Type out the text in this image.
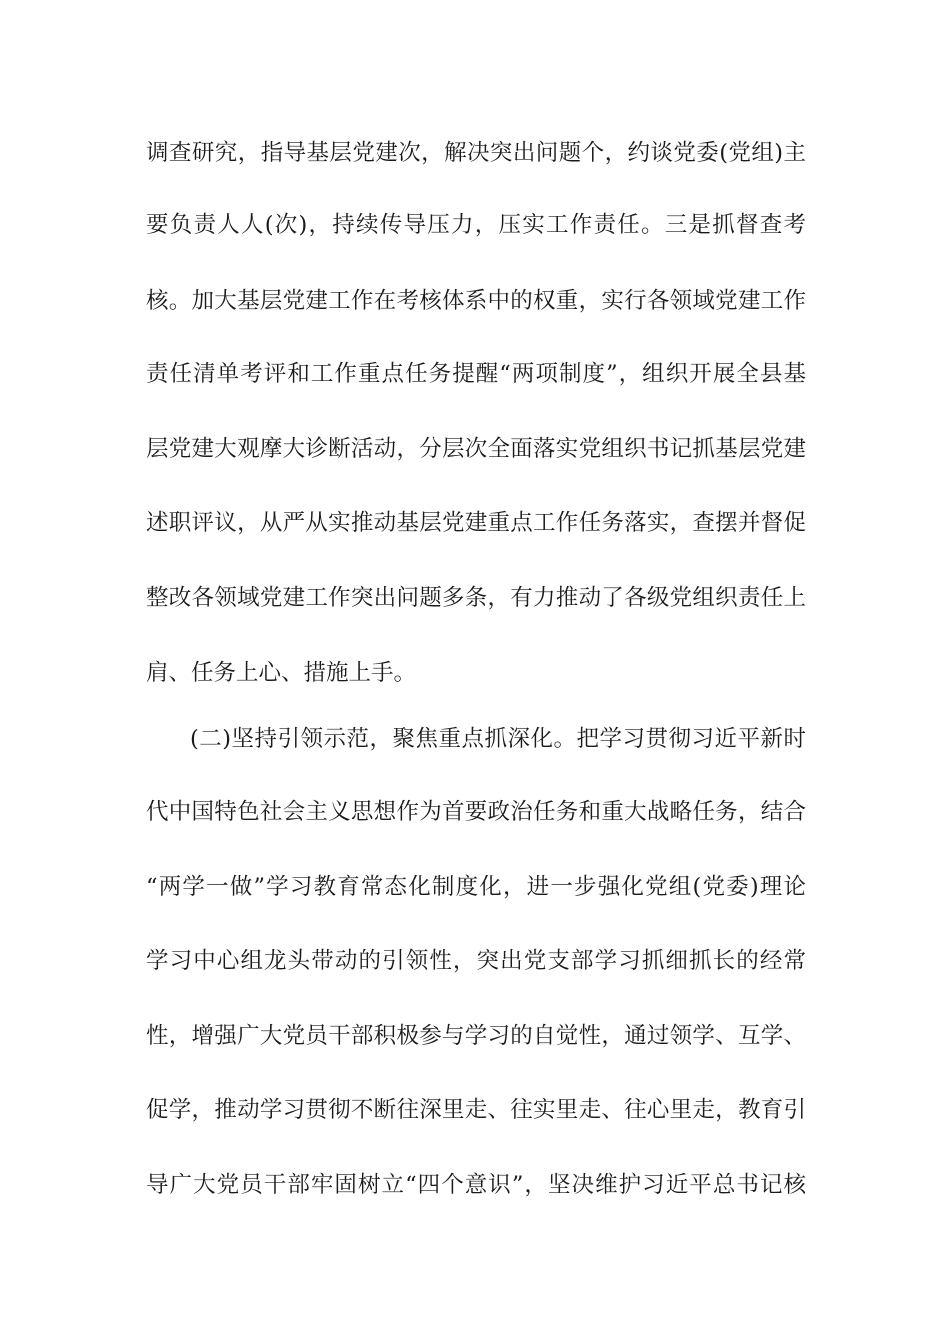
调查研究，指导基层党建次，解决突出问题个，约谈党委(党组)主
要负责人人(次)，持续传导压力，压实工作责任。三是抓督查考
核。加大基层党建工作在考核体系中的权重，实行各领域党建工作
责任清单考评和工作重点任务提醒“两项制度”，组织开展全县基
层党建大观摩大诊断活动，分层次全面落实党组织书记抓基层党建
述职评议，从严从实推动基层党建重点工作任务落实，查摆并督促
整改各领域党建工作突出问题多条，有力推动了各级党组织责任上
肩、任务上心、措施上手。
(二)坚持引领示范，聚焦重点抓深化。把学习贯彻习近平新时
代中国特色社会主义思想作为首要政治任务和重大战略任务，结合
“两学一做”学习教育常态化制度化，进一步强化党组(党委)理论
学习中心组龙头带动的引领性，突出党支部学习抓细抓长的经常
性，增强广大党员干部积极参与学习的自觉性，通过领学、互学、
促学，推动学习贯彻不断往深里走、往实里走、往心里走，教育引
导广大党员干部牢固树立“四个意识”，坚决维护习近平总书记核
